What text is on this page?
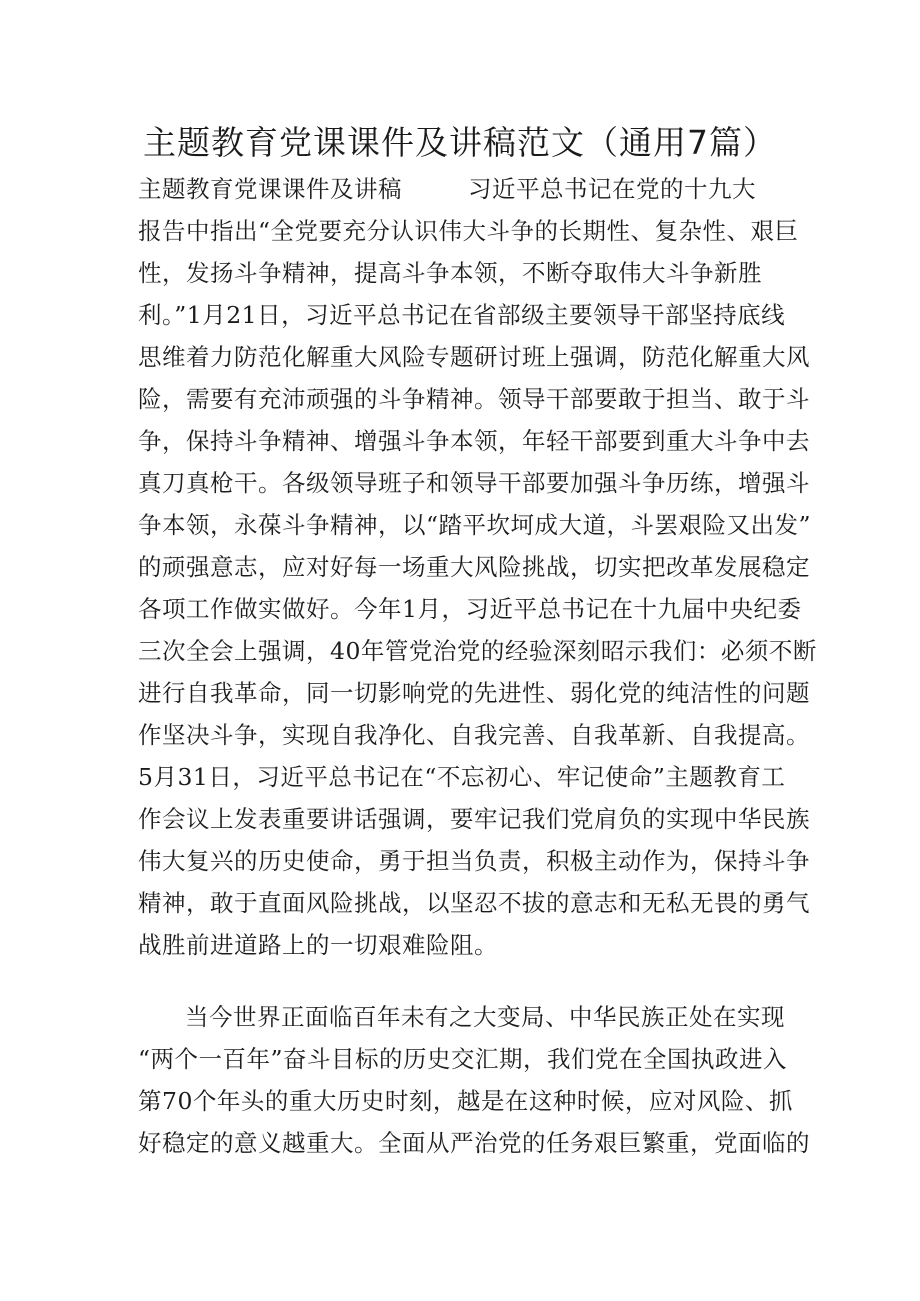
主题教育党课课件及讲稿范文（通用7篇）
主题教育党课课件及讲稿	习近平总书记在党的十九大
报告中指出“全党要充分认识伟大斗争的长期性、复杂性、艰巨
性，发扬斗争精神，提高斗争本领，不断夺取伟大斗争新胜
利。”1月21日，习近平总书记在省部级主要领导干部坚持底线
思维着力防范化解重大风险专题研讨班上强调，防范化解重大风
险，需要有充沛顽强的斗争精神。领导干部要敢于担当、敢于斗
争，保持斗争精神、增强斗争本领，年轻干部要到重大斗争中去
真刀真枪干。各级领导班子和领导干部要加强斗争历练，增强斗
争本领，永葆斗争精神，以“踏平坎坷成大道，斗罢艰险又出发”
的顽强意志，应对好每一场重大风险挑战，切实把改革发展稳定
各项工作做实做好。今年1月，习近平总书记在十九届中央纪委
三次全会上强调，40年管党治党的经验深刻昭示我们：必须不断
进行自我革命，同一切影响党的先进性、弱化党的纯洁性的问题
作坚决斗争，实现自我净化、自我完善、自我革新、自我提高。
5月31日，习近平总书记在“不忘初心、牢记使命”主题教育工
作会议上发表重要讲话强调，要牢记我们党肩负的实现中华民族
伟大复兴的历史使命，勇于担当负责，积极主动作为，保持斗争
精神，敢于直面风险挑战，以坚忍不拔的意志和无私无畏的勇气
战胜前进道路上的一切艰难险阻。
当今世界正面临百年未有之大变局、中华民族正处在实现
“两个一百年”奋斗目标的历史交汇期，我们党在全国执政进入
第70个年头的重大历史时刻，越是在这种时候，应对风险、抓
好稳定的意义越重大。全面从严治党的任务艰巨繁重，党面临的
